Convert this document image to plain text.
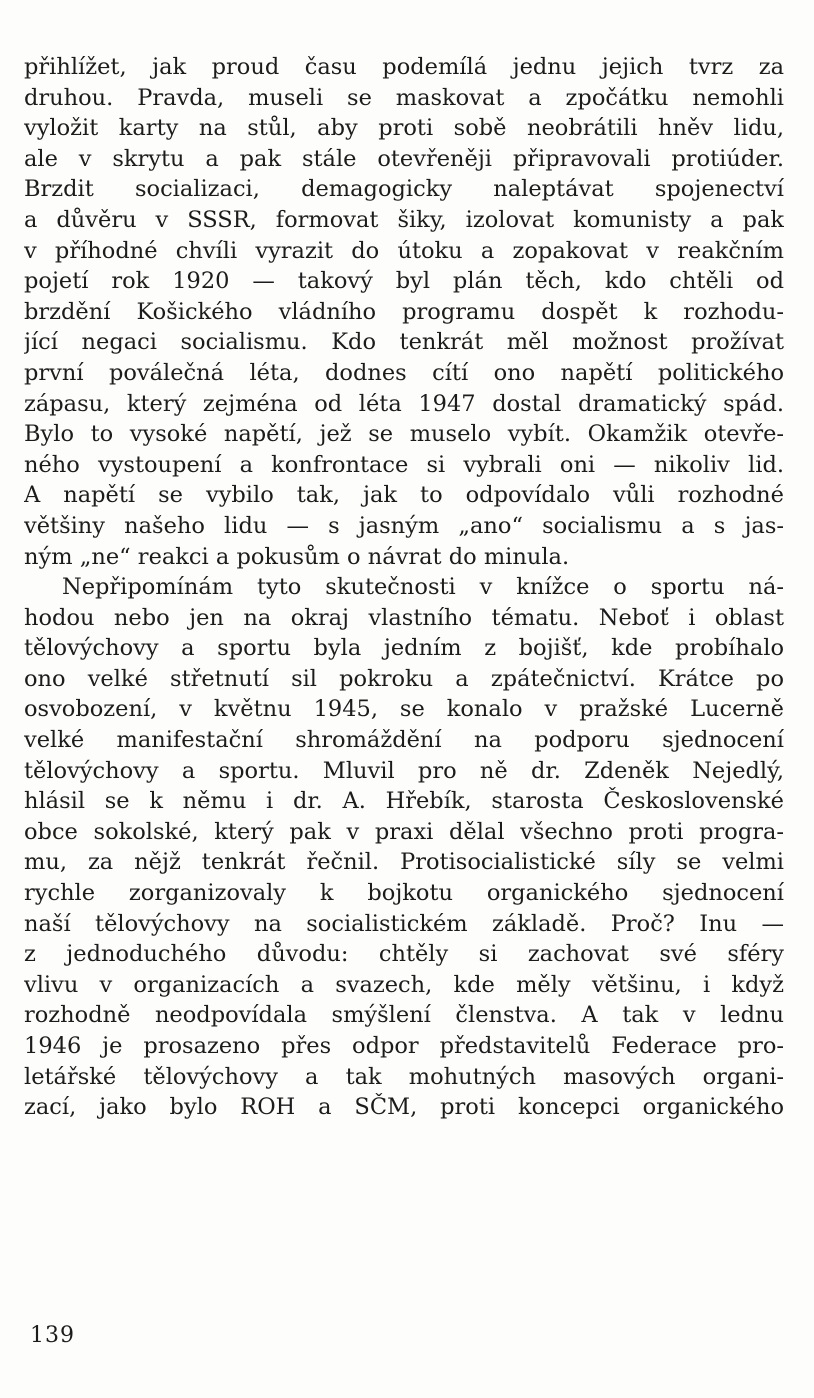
přihlížet, jak proud času podemílá jednu jejich tvrz za
druhou. Pravda, museli se maskovat a zpočátku nemohli
vyložit karty na stůl, aby proti sobě neobrátili hněv lidu,
ale v skrytu a pak stále otevřeněji připravovali protiúder.
Brzdit socializaci, demagogicky naleptávat spojenectví
a důvěru v SSSR, formovat šiky, izolovat komunisty a pak
v příhodné chvíli vyrazit do útoku a zopakovat v reakčním
pojetí rok 1920 — takový byl plán těch, kdo chtěli od
brzdění Košického vládního programu dospět k rozhodu-
jící negaci socialismu. Kdo tenkrát měl možnost prožívat
první poválečná léta, dodnes cítí ono napětí politického
zápasu, který zejména od léta 1947 dostal dramatický spád.
Bylo to vysoké napětí, jež se muselo vybít. Okamžik otevře-
ného vystoupení a konfrontace si vybrali oni — nikoliv lid.
A napětí se vybilo tak, jak to odpovídalo vůli rozhodné
většiny našeho lidu — s jasným „ano“ socialismu a s jas-
ným „ne“ reakci a pokusům o návrat do minula.
Nepřipomínám tyto skutečnosti v knížce o sportu ná-
hodou nebo jen na okraj vlastního tématu. Neboť i oblast
tělovýchovy a sportu byla jedním z bojišť, kde probíhalo
ono velké střetnutí sil pokroku a zpátečnictví. Krátce po
osvobození, v květnu 1945, se konalo v pražské Lucerně
velké manifestační shromáždění na podporu sjednocení
tělovýchovy a sportu. Mluvil pro ně dr. Zdeněk Nejedlý,
hlásil se k němu i dr. A. Hřebík, starosta Československé
obce sokolské, který pak v praxi dělal všechno proti progra-
mu, za nějž tenkrát řečnil. Protisocialistické síly se velmi
rychle zorganizovaly k bojkotu organického sjednocení
naší tělovýchovy na socialistickém základě. Proč? Inu —
z jednoduchého důvodu: chtěly si zachovat své sféry
vlivu v organizacích a svazech, kde měly většinu, i když
rozhodně neodpovídala smýšlení členstva. A tak v lednu
1946 je prosazeno přes odpor představitelů Federace pro-
letářské tělovýchovy a tak mohutných masových organi-
zací, jako bylo ROH a SČM, proti koncepci organického
139
